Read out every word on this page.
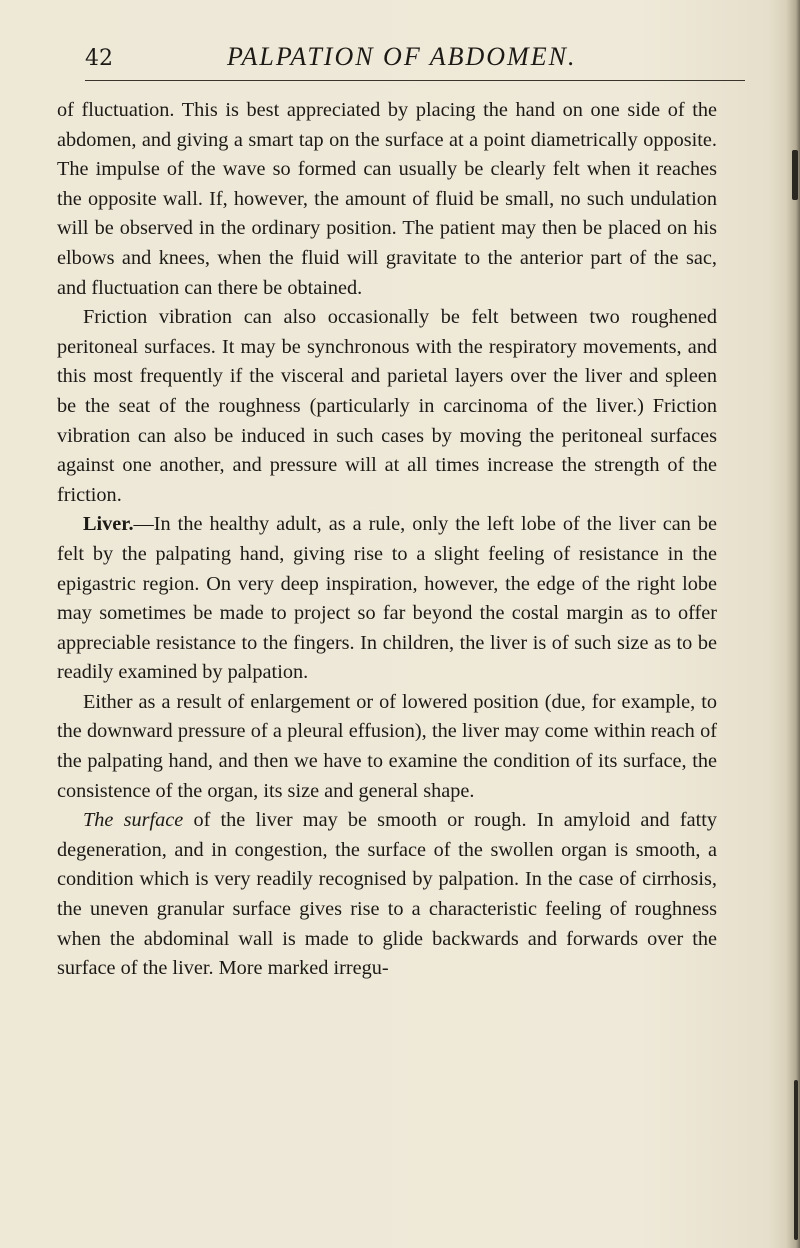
42	PALPATION OF ABDOMEN.

of fluctuation. This is best appreciated by placing the hand on one side of the abdomen, and giving a smart tap on the surface at a point diametrically opposite. The impulse of the wave so formed can usually be clearly felt when it reaches the opposite wall. If, however, the amount of fluid be small, no such undulation will be observed in the ordinary position. The patient may then be placed on his elbows and knees, when the fluid will gravitate to the anterior part of the sac, and fluctuation can there be obtained.

Friction vibration can also occasionally be felt between two roughened peritoneal surfaces. It may be synchronous with the respiratory movements, and this most frequently if the visceral and parietal layers over the liver and spleen be the seat of the roughness (particularly in carcinoma of the liver.) Friction vibration can also be induced in such cases by moving the peritoneal surfaces against one another, and pressure will at all times increase the strength of the friction.

Liver.—In the healthy adult, as a rule, only the left lobe of the liver can be felt by the palpating hand, giving rise to a slight feeling of resistance in the epigastric region. On very deep inspiration, however, the edge of the right lobe may sometimes be made to project so far beyond the costal margin as to offer appreciable resistance to the fingers. In children, the liver is of such size as to be readily examined by palpation.

Either as a result of enlargement or of lowered position (due, for example, to the downward pressure of a pleural effusion), the liver may come within reach of the palpating hand, and then we have to examine the condition of its surface, the consistence of the organ, its size and general shape.

The surface of the liver may be smooth or rough. In amyloid and fatty degeneration, and in congestion, the surface of the swollen organ is smooth, a condition which is very readily recognised by palpation. In the case of cirrhosis, the uneven granular surface gives rise to a characteristic feeling of roughness when the abdominal wall is made to glide backwards and forwards over the surface of the liver. More marked irregu-
